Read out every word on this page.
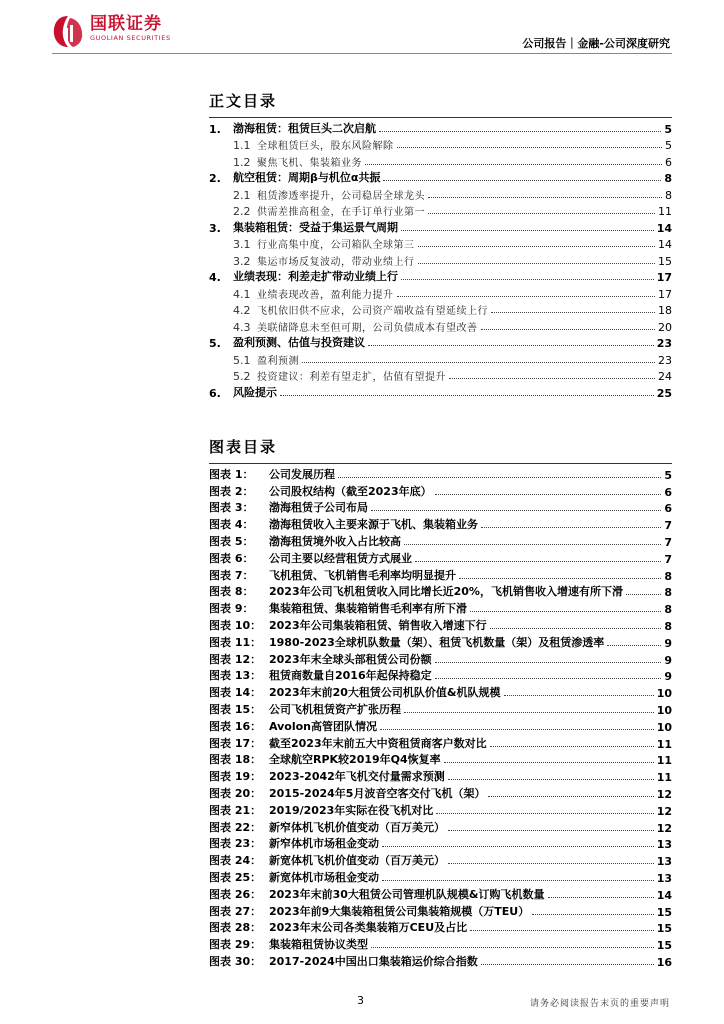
国联证券
GUOLIAN SECURITIES	公司报告｜金融-公司深度研究
正文目录
1.	渤海租赁：租赁巨头二次启航	5
1.1 全球租赁巨头，股东风险解除	5
1.2 聚焦飞机、集装箱业务	6
2.	航空租赁：周期β与机位α共振	8
2.1 租赁渗透率提升，公司稳居全球龙头	8
2.2 供需差推高租金，在手订单行业第一	11
3.	集装箱租赁：受益于集运景气周期	14
3.1 行业高集中度，公司箱队全球第三	14
3.2 集运市场反复波动，带动业绩上行	15
4.	业绩表现：利差走扩带动业绩上行	17
4.1 业绩表现改善，盈利能力提升	17
4.2 飞机依旧供不应求，公司资产端收益有望延续上行	18
4.3 美联储降息未至但可期，公司负债成本有望改善	20
5.	盈利预测、估值与投资建议	23
5.1 盈利预测	23
5.2 投资建议：利差有望走扩，估值有望提升	24
6.	风险提示	25
图表目录
图表 1：	公司发展历程	5
图表 2：	公司股权结构（截至2023年底）	6
图表 3：	渤海租赁子公司布局	6
图表 4：	渤海租赁收入主要来源于飞机、集装箱业务	7
图表 5：	渤海租赁境外收入占比较高	7
图表 6：	公司主要以经营租赁方式展业	7
图表 7：	飞机租赁、飞机销售毛利率均明显提升	8
图表 8：	2023年公司飞机租赁收入同比增长近20%，飞机销售收入增速有所下滑	8
图表 9：	集装箱租赁、集装箱销售毛利率有所下滑	8
图表 10： 2023年公司集装箱租赁、销售收入增速下行	8
图表 11： 1980-2023全球机队数量（架）、租赁飞机数量（架）及租赁渗透率	9
图表 12： 2023年末全球头部租赁公司份额	9
图表 13： 租赁商数量自2016年起保持稳定	9
图表 14： 2023年末前20大租赁公司机队价值&机队规模	10
图表 15： 公司飞机租赁资产扩张历程	10
图表 16： Avolon高管团队情况	10
图表 17： 截至2023年末前五大中资租赁商客户数对比	11
图表 18： 全球航空RPK较2019年Q4恢复率	11
图表 19： 2023-2042年飞机交付量需求预测	11
图表 20： 2015-2024年5月波音空客交付飞机（架）	12
图表 21： 2019/2023年实际在役飞机对比	12
图表 22： 新窄体机飞机价值变动（百万美元）	12
图表 23： 新窄体机市场租金变动	13
图表 24： 新宽体机飞机价值变动（百万美元）	13
图表 25： 新宽体机市场租金变动	13
图表 26： 2023年末前30大租赁公司管理机队规模&订购飞机数量	14
图表 27： 2023年前9大集装箱租赁公司集装箱规模（万TEU）	15
图表 28： 2023年末公司各类集装箱万CEU及占比	15
图表 29： 集装箱租赁协议类型	15
图表 30： 2017-2024中国出口集装箱运价综合指数	16
3	请务必阅读报告末页的重要声明
